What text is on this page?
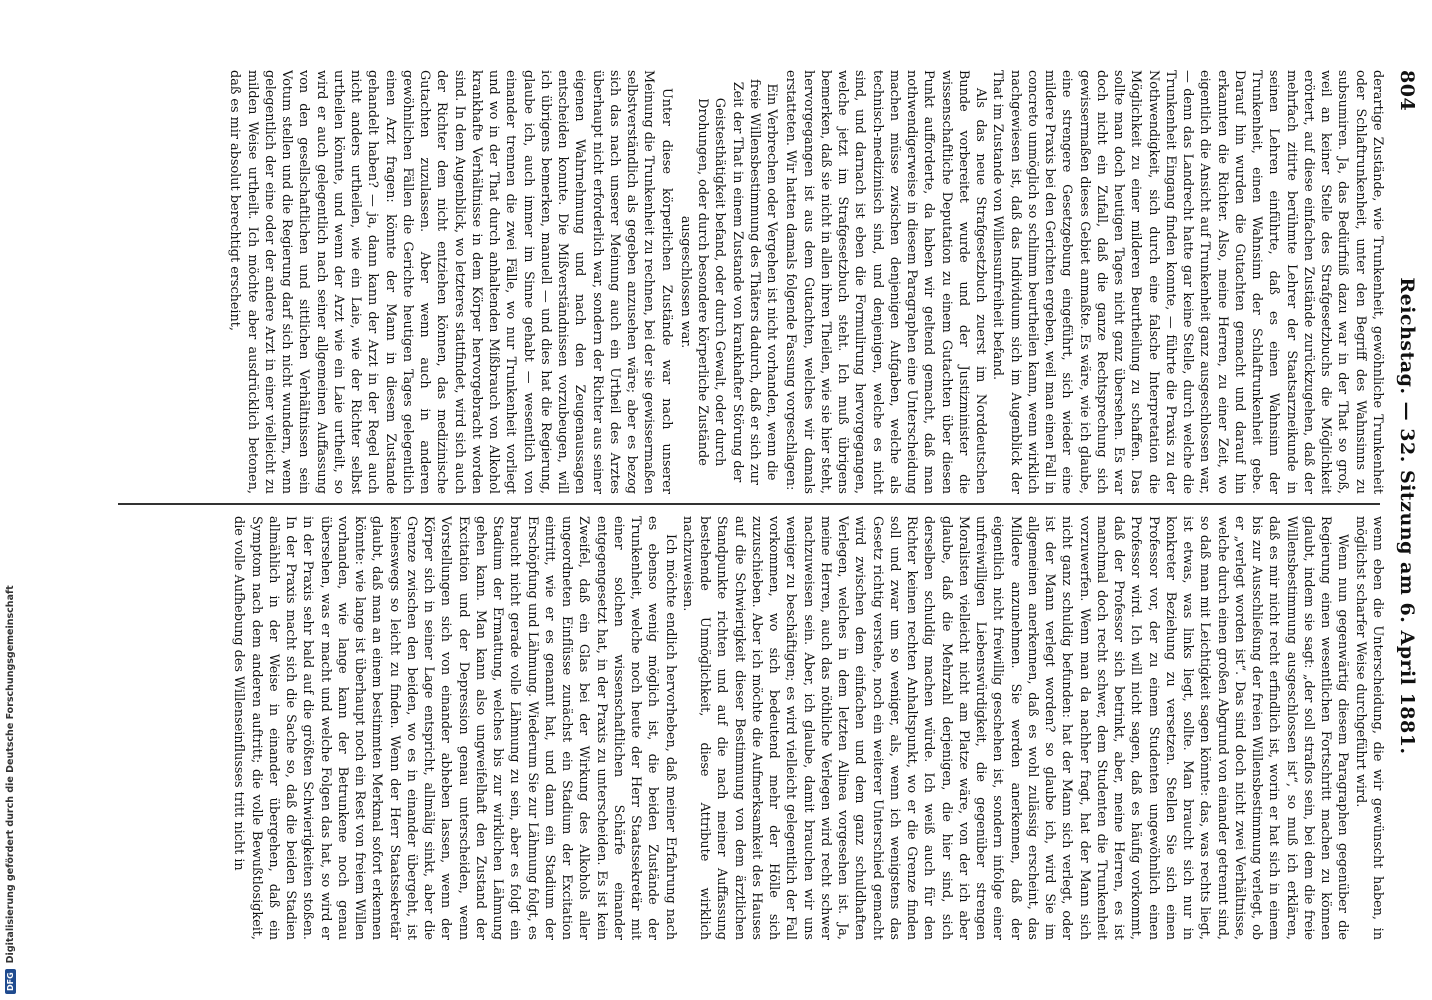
DFG
Digitalisierung gefördert durch die Deutsche Forschungsgemeinschaft
804
Reichstag. — 32. Sitzung am 6. April 1881.

derartige Zustände, wie Trunkenheit, gewöhnliche Trunkenheit oder Schlaftrunkenheit, unter den Begriff des Wahnsinns zu subsumiren. Ja, das Bedürfniß dazu war in der That so groß, weil an keiner Stelle des Strafgesetzbuchs die Möglichkeit erörtert, auf diese einfachen Zustände zurückzugehen, daß der mehrfach zitirte berühmte Lehrer der Staatsarzneikunde in seinen Lehren einführte, daß es einen Wahnsinn der Trunkenheit, einen Wahnsinn der Schlaftrunkenheit gebe. Darauf hin wurden die Gutachten gemacht und darauf hin erkannten die Richter. Also, meine Herren, zu einer Zeit, wo eigentlich die Ansicht auf Trunkenheit ganz ausgeschlossen war, — denn das Landrecht hatte gar keine Stelle, durch welche die Trunkenheit Eingang finden konnte, — führte die Praxis zu der Nothwendigkeit, sich durch eine falsche Interpretation die Möglichkeit zu einer milderen Beurtheilung zu schaffen. Das sollte man doch heutigen Tages nicht ganz übersehen. Es war doch nicht ein Zufall, daß die ganze Rechtsprechung sich gewissermaßen dieses Gebiet anmaßte. Es wäre, wie ich glaube, eine strengere Gesetzgebung eingeführt, sich wieder eine mildere Praxis bei den Gerichten ergeben, weil man einen Fall in concreto unmöglich so schlimm beurtheilen kann, wenn wirklich nachgewiesen ist, daß das Individuum sich im Augenblick der That im Zustande von Willensunfreiheit befand.

Als das neue Strafgesetzbuch zuerst im Norddeutschen Bunde vorbereitet wurde und der Justizminister die wissenschaftliche Deputation zu einem Gutachten über diesen Punkt aufforderte, da haben wir geltend gemacht, daß man nothwendigerweise in diesem Paragraphen eine Unterscheidung machen müsse zwischen denjenigen Aufgaben, welche als technisch-medizinisch sind, und denjenigen, welche es nicht sind, und darnach ist eben die Formulirung hervorgegangen, welche jetzt im Strafgesetzbuch steht. Ich muß übrigens bemerken, daß sie nicht in allen ihren Theilen, wie sie hier steht, hervorgegangen ist aus dem Gutachten, welches wir damals erstatteten. Wir hatten damals folgende Fassung vorgeschlagen:

Ein Verbrechen oder Vergehen ist nicht vorhanden, wenn die freie Willensbestimmung des Thäters dadurch, daß er sich zur Zeit der That in einem Zustande von krankhafter Störung der Geistesthätigkeit befand, oder durch Gewalt, oder durch Drohungen, oder durch besondere körperliche Zustände ausgeschlossen war.

Unter diese körperlichen Zustände war nach unserer Meinung die Trunkenheit zu rechnen, bei der sie gewissermaßen selbstverständlich als gegeben anzusehen wäre; aber es bezog sich das nach unserer Meinung auch ein Urtheil des Arztes überhaupt nicht erforderlich war, sondern der Richter aus seiner eigenen Wahrnehmung und nach den Zeugenaussagen entscheiden konnte. Die Mißverständnissen vorzubeugen, will ich übrigens bemerken, manuell — und dies hat die Regierung, glaube ich, auch immer im Sinne gehabt — wesentlich von einander trennen die zwei Fälle, wo nur Trunkenheit vorliegt und wo in der That durch anhaltenden Mißbrauch von Alkohol krankhafte Verhältnisse in dem Körper hervorgebracht worden sind. In dem Augenblick, wo letzteres stattfindet, wird sich auch der Richter dem nicht entziehen können, das medizinische Gutachten zuzulassen. Aber wenn auch in anderen gewöhnlichen Fällen die Gerichte heutigen Tages gelegentlich einen Arzt fragen: könnte der Mann in diesem Zustande gehandelt haben? — ja, dann kann der Arzt in der Regel auch nicht anders urtheilen, wie ein Laie, wie der Richter selbst urtheilen könnte, und wenn der Arzt wie ein Laie urtheilt, so wird er auch gelegentlich nach seiner allgemeinen Auffassung von den gesellschaftlichen und sittlichen Verhältnissen sein Votum stellen und die Regierung darf sich nicht wundern, wenn gelegentlich der eine oder der andere Arzt in einer vielleicht zu milden Weise urtheilt. Ich möchte aber ausdrücklich betonen, daß es mir absolut berechtigt erscheint,

wenn eben die Unterscheidung, die wir gewünscht haben, in möglichst scharfer Weise durchgeführt wird.

Wenn nun gegenwärtig diesem Paragraphen gegenüber die Regierung einen wesentlichen Fortschritt machen zu können glaubt, indem sie sagt: „der soll straflos sein, bei dem die freie Willensbestimmung ausgeschlossen ist“, so muß ich erklären, daß es mir nicht recht erfindlich ist, worin er hat sich in einem bis zur Ausschließung der freien Willensbestimmung verlegt, ob er „verlegt worden ist“. Das sind doch nicht zwei Verhältnisse, welche durch einen großen Abgrund von einander getrennt sind, so daß man mit Leichtigkeit sagen könnte: das, was rechts liegt, ist etwas, was links liegt, sollte. Man braucht sich nur in konkreter Beziehung zu versetzen. Stellen Sie sich einen Professor vor, der zu einem Studenten ungewöhnlich einen Professor wird. Ich will nicht sagen, daß es häufig vorkommt, daß der Professor sich betrinkt, aber, meine Herren, es ist manchmal doch recht schwer, dem Studenten die Trunkenheit vorzuwerfen. Wenn man da nachher fragt, hat der Mann sich nicht ganz schuldig befunden: hat der Mann sich verlegt, oder ist der Mann verlegt worden? so glaube ich, wird Sie im allgemeinen anerkennen, daß es wohl zulässig erscheint, das Mildere anzunehmen. Sie werden anerkennen, daß der eigentlich nicht freiwillig geschehen ist, sondern infolge einer unfreiwilligen Liebenswürdigkeit, die gegenüber strengen Moralisten vielleicht nicht am Platze wäre, von der ich aber glaube, daß die Mehrzahl derjenigen, die hier sind, sich derselben schuldig machen würde. Ich weiß auch für den Richter keinen rechten Anhaltspunkt, wo er die Grenze finden soll und zwar um so weniger, als, wenn ich wenigstens das Gesetz richtig verstehe, noch ein weiterer Unterschied gemacht wird zwischen dem einfachen und dem ganz schuldhaften Verlegen, welches in dem letzten Alinea vorgesehen ist. Ja, meine Herren, auch das nöthliche Verlegen wird recht schwer nachzuweisen sein. Aber, ich glaube, damit brauchen wir uns weniger zu beschäftigen; es wird vielleicht gelegentlich der Fall vorkommen, wo sich bedeutend mehr der Hölle sich zuzuschieben. Aber ich möchte die Aufmerksamkeit des Hauses auf die Schwierigkeit dieser Bestimmung von dem ärztlichen Standpunkte richten und auf die nach meiner Auffassung bestehende Unmöglichkeit, diese Attribute wirklich nachzuweisen.

Ich möchte endlich hervorheben, daß meiner Erfahrung nach es ebenso wenig möglich ist, die beiden Zustände der Trunkenheit, welche noch heute der Herr Staatssekretär mit einer solchen wissenschaftlichen Schärfe einander entgegengesetzt hat, in der Praxis zu unterscheiden. Es ist kein Zweifel, daß ein Glas bei der Wirkung des Alkohols aller ungeordneten Einflüsse zunächst ein Stadium der Excitation eintritt, wie er es genannt hat, und dann ein Stadium der Erschöpfung und Lähmung. Wiederum Sie zur Lähmung folgt, es braucht nicht gerade volle Lähmung zu sein, aber es folgt ein Stadium der Ermattung, welches bis zur wirklichen Lähmung gehen kann. Man kann also ungweifelhaft den Zustand der Excitation und der Depression genau unterscheiden, wenn Vorstellungen sich von einander abheben lassen, wenn der Körper sich in seiner Lage entspricht, allmälig sinkt, aber die Grenze zwischen den beiden, wo es in einander übergeht, ist keineswegs so leicht zu finden. Wenn der Herr Staatssekretär glaubt, daß man an einem bestimmten Merkmal sofort erkennen könnte: wie lange ist überhaupt noch ein Rest von freiem Willen vorhanden, wie lange kann der Betrunkene noch genau übersehen, was er macht und welche Folgen das hat, so wird er in der Praxis sehr bald auf die größten Schwierigkeiten stoßen. In der Praxis macht sich die Sache so, daß die beiden Stadien allmählich in der Weise in einander übergehen, daß ein Symptom nach dem anderen auftritt; die volle Bewußtlosigkeit, die volle Aufhebung des Willenseinflusses tritt nicht in
